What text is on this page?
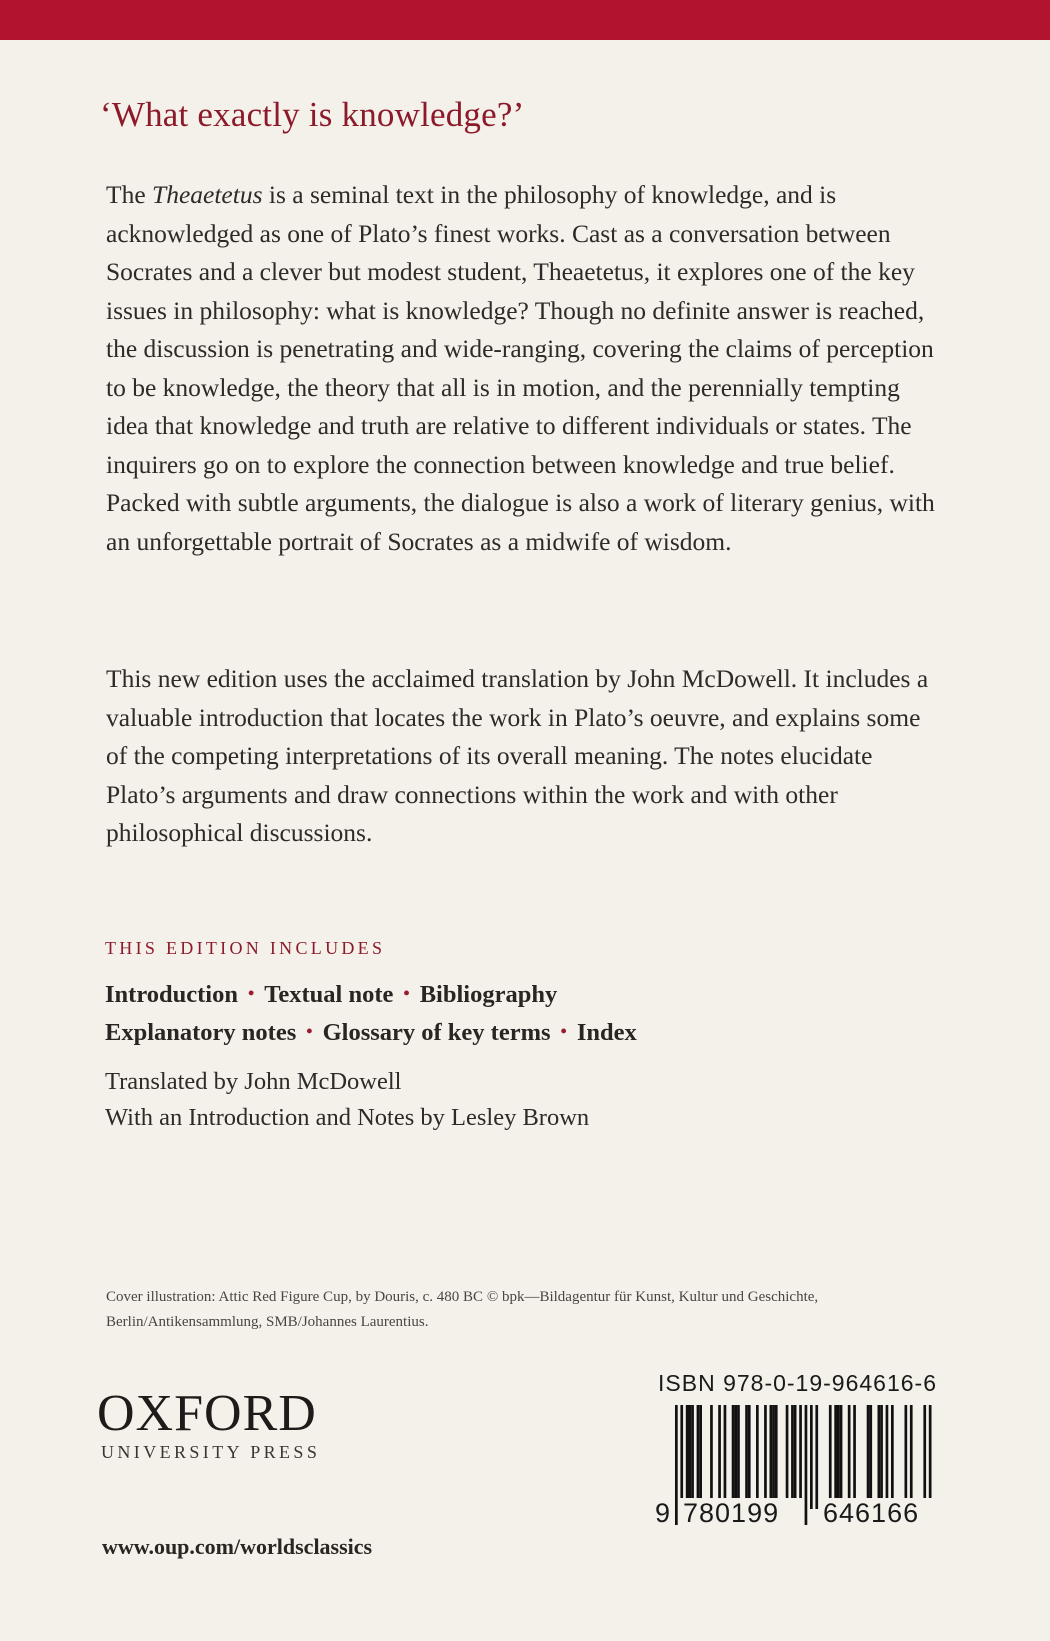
‘What exactly is knowledge?’
The Theaetetus is a seminal text in the philosophy of knowledge, and is acknowledged as one of Plato’s finest works. Cast as a conversation between Socrates and a clever but modest student, Theaetetus, it explores one of the key issues in philosophy: what is knowledge? Though no definite answer is reached, the discussion is penetrating and wide-ranging, covering the claims of perception to be knowledge, the theory that all is in motion, and the perennially tempting idea that knowledge and truth are relative to different individuals or states. The inquirers go on to explore the connection between knowledge and true belief. Packed with subtle arguments, the dialogue is also a work of literary genius, with an unforgettable portrait of Socrates as a midwife of wisdom.
This new edition uses the acclaimed translation by John McDowell. It includes a valuable introduction that locates the work in Plato’s oeuvre, and explains some of the competing interpretations of its overall meaning. The notes elucidate Plato’s arguments and draw connections within the work and with other philosophical discussions.
THIS EDITION INCLUDES
Introduction • Textual note • Bibliography
Explanatory notes • Glossary of key terms • Index
Translated by John McDowell
With an Introduction and Notes by Lesley Brown
Cover illustration: Attic Red Figure Cup, by Douris, c. 480 BC © bpk—Bildagentur für Kunst, Kultur und Geschichte, Berlin/Antikensammlung, SMB/Johannes Laurentius.
OXFORD
UNIVERSITY PRESS
www.oup.com/worldsclassics
ISBN 978-0-19-964616-6
9 780199	646166
